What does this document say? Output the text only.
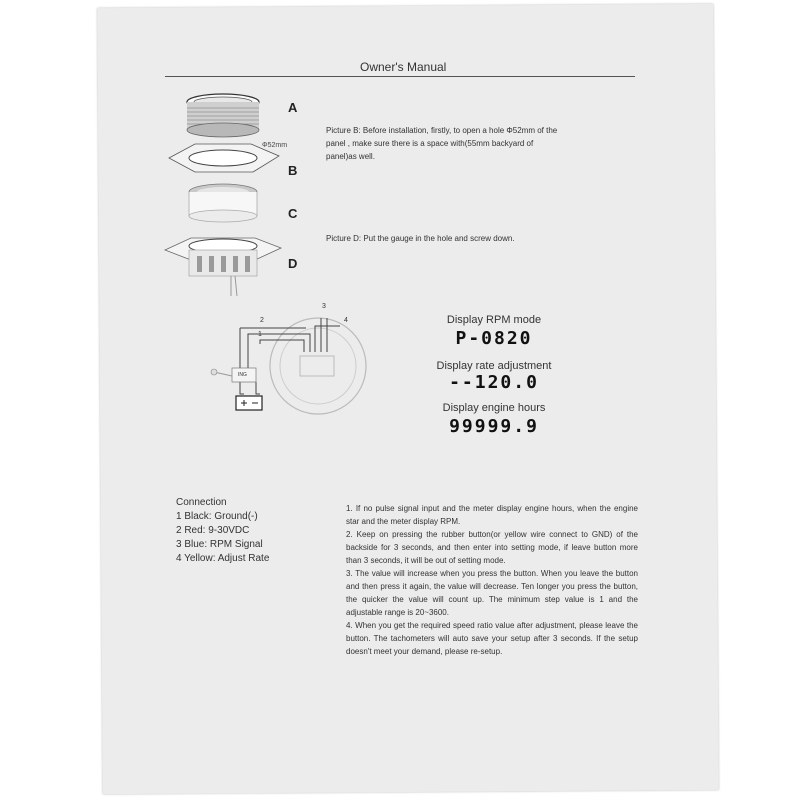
Owner's Manual
A
B
C
D
Φ52mm
Picture B: Before installation, firstly, to open a hole Φ52mm of the panel , make sure there is a space with(55mm backyard of panel)as well.
Picture D: Put the gauge in the hole and screw down.
2
1
3
4
ING
Display RPM mode
P-0820
Display rate adjustment
--120.0
Display engine hours
99999.9
Connection
1 Black: Ground(-)
2 Red: 9-30VDC
3 Blue: RPM Signal
4 Yellow: Adjust Rate

1. If no pulse signal input and the meter display engine hours, when the engine star and the meter display RPM.

2. Keep on pressing the rubber button(or yellow wire connect to GND) of the backside for 3 seconds, and then enter into setting mode, if leave button more than 3 seconds, it will be out of setting mode.

3. The value will increase when you press the button. When you leave the button and then press it again, the value will decrease. Ten longer you press the button, the quicker the value will count up. The minimum step value is 1 and the adjustable range is 20~3600.

4. When you get the required speed ratio value after adjustment, please leave the button. The tachometers will auto save your setup after 3 seconds. If the setup doesn't meet your demand, please re-setup.
